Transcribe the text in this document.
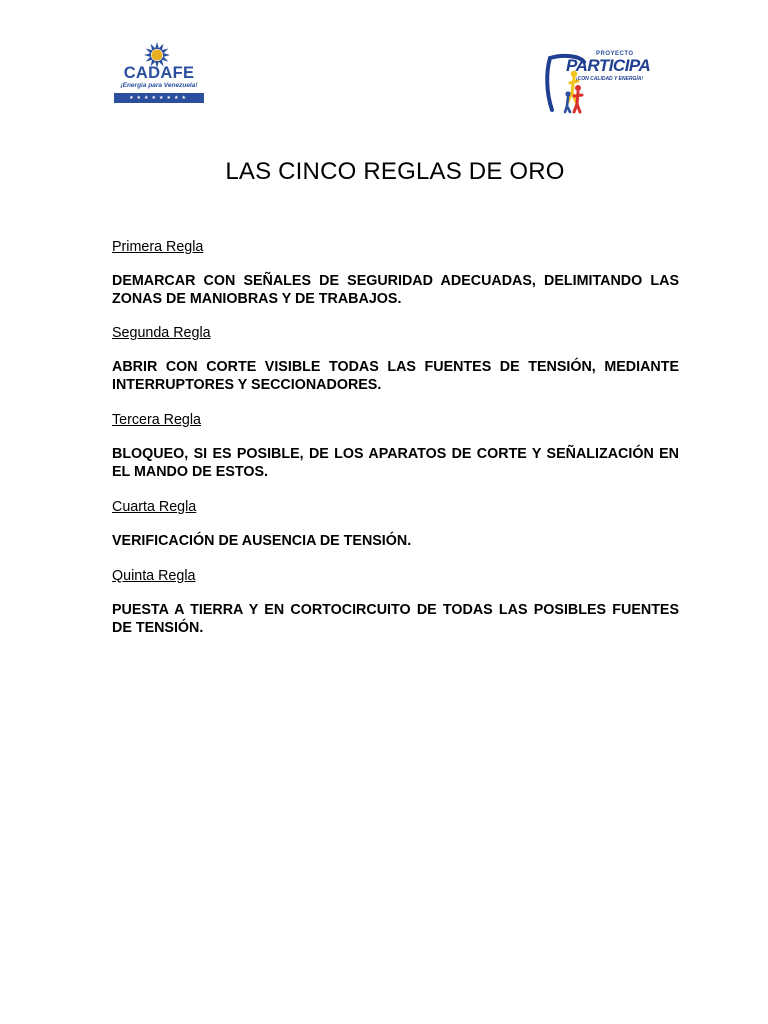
CADAFE
¡Energía para Venezuela!
★★★★★★★★
PROYECTO
PARTICIPA
¡CON CALIDAD Y ENERGÍA!
LAS CINCO REGLAS DE ORO

Primera Regla

DEMARCAR CON SEÑALES DE SEGURIDAD ADECUADAS, DELIMITANDO LAS ZONAS DE MANIOBRAS Y DE TRABAJOS.

Segunda Regla

ABRIR CON CORTE VISIBLE TODAS LAS FUENTES DE TENSIÓN, MEDIANTE INTERRUPTORES Y SECCIONADORES.

Tercera Regla

BLOQUEO, SI ES POSIBLE, DE LOS APARATOS DE CORTE Y SEÑALIZACIÓN EN EL MANDO DE ESTOS.

Cuarta Regla

VERIFICACIÓN DE AUSENCIA DE TENSIÓN.

Quinta Regla

PUESTA A TIERRA Y EN CORTOCIRCUITO DE TODAS LAS POSIBLES FUENTES DE TENSIÓN.
